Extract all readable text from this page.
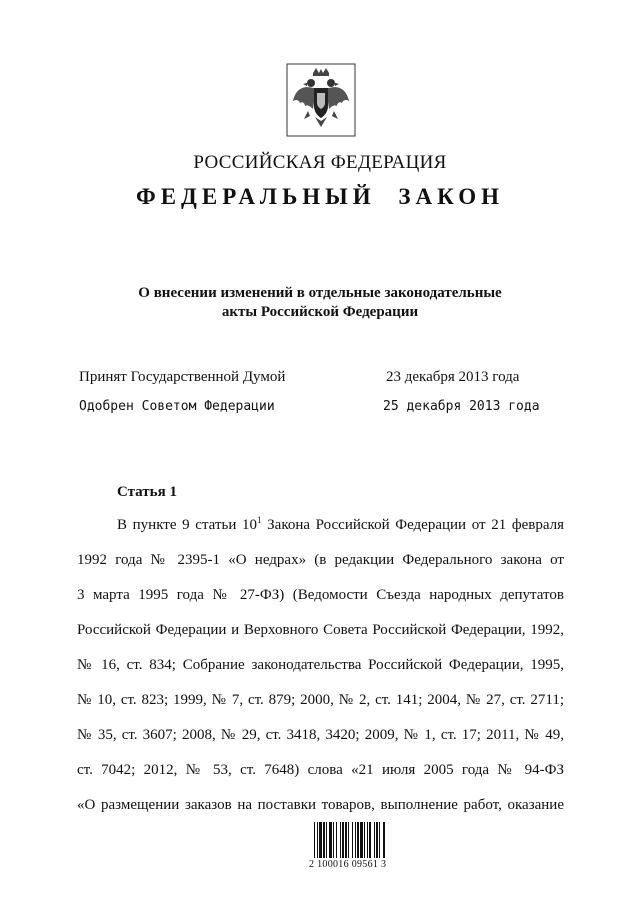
РОССИЙСКАЯ ФЕДЕРАЦИЯ
ФЕДЕРАЛЬНЫЙ ЗАКОН
О внесении изменений в отдельные законодательные
акты Российской Федерации
Принят Государственной Думой	23 декабря 2013 года
Одобрен Советом Федерации	25 декабря 2013 года
Статья 1
В пункте 9 статьи $10^1$ Закона Российской Федерации от 21 февраля
1992 года № 2395-1 «О недрах» (в редакции Федерального закона от
3 марта 1995 года № 27-ФЗ) (Ведомости Съезда народных депутатов
Российской Федерации и Верховного Совета Российской Федерации, 1992,
№ 16, ст. 834; Собрание законодательства Российской Федерации, 1995,
№ 10, ст. 823; 1999, № 7, ст. 879; 2000, № 2, ст. 141; 2004, № 27, ст. 2711;
№ 35, ст. 3607; 2008, № 29, ст. 3418, 3420; 2009, № 1, ст. 17; 2011, № 49,
ст. 7042; 2012, № 53, ст. 7648) слова «21 июля 2005 года № 94-ФЗ
«О размещении заказов на поставки товаров, выполнение работ, оказание
2 100016 09561 3
